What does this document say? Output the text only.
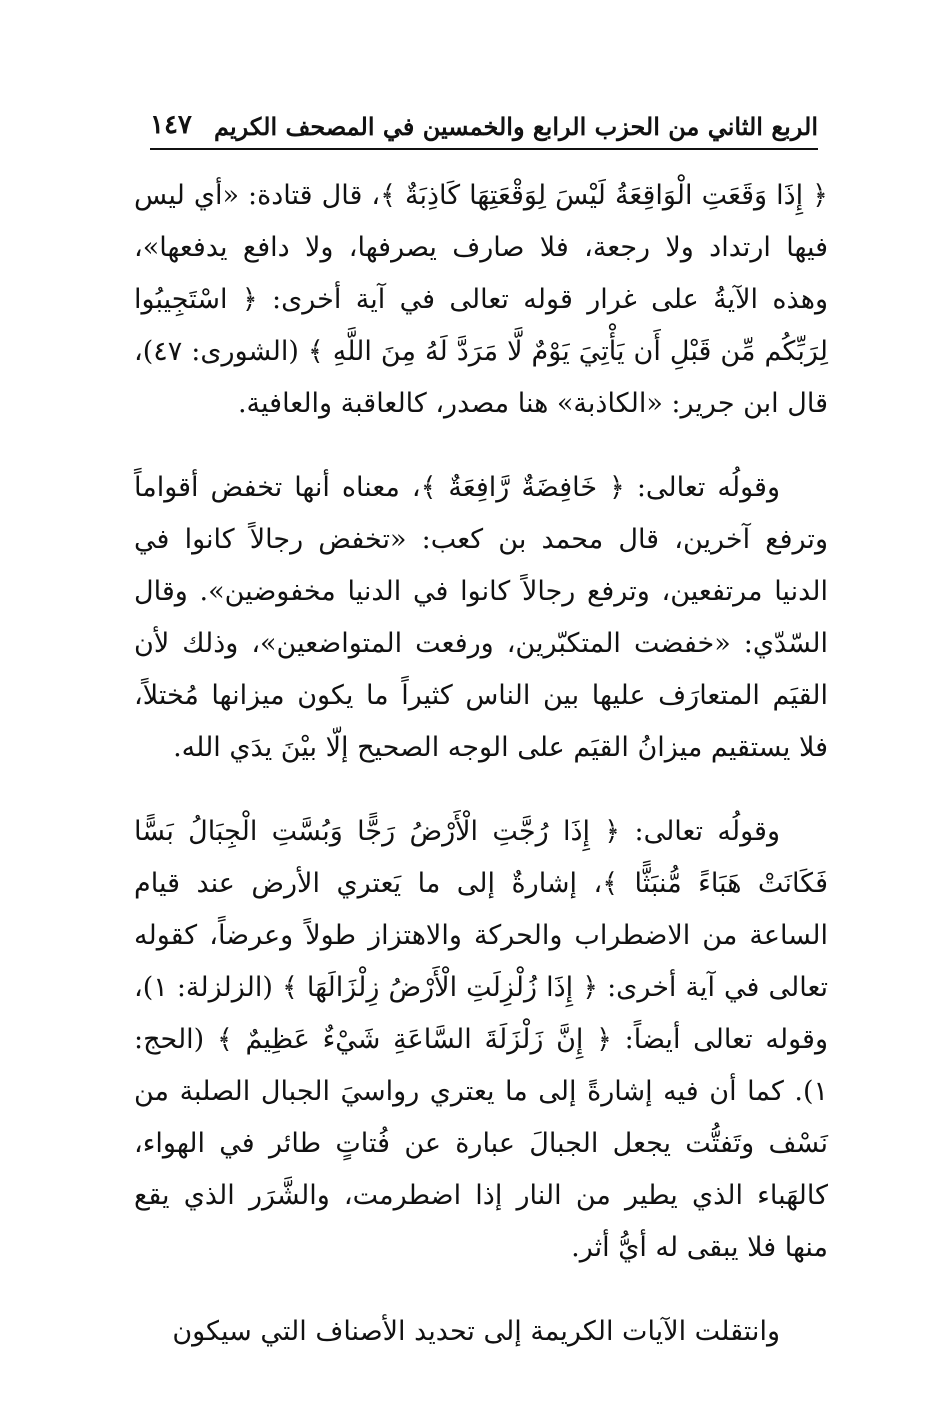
الربع الثاني من الحزب الرابع والخمسين في المصحف الكريم
١٤٧

﴿ إِذَا وَقَعَتِ الْوَاقِعَةُ لَيْسَ لِوَقْعَتِهَا كَاذِبَةٌ ﴾، قال قتادة: «أي ليس فيها ارتداد ولا رجعة، فلا صارف يصرفها، ولا دافع يدفعها»، وهذه الآيةُ على غرار قوله تعالى في آية أخرى: ﴿ اسْتَجِيبُوا لِرَبِّكُم مِّن قَبْلِ أَن يَأْتِيَ يَوْمٌ لَّا مَرَدَّ لَهُ مِنَ اللَّهِ ﴾ (الشورى: ٤٧)، قال ابن جرير: «الكاذبة» هنا مصدر، كالعاقبة والعافية.

وقولُه تعالى: ﴿ خَافِضَةٌ رَّافِعَةٌ ﴾، معناه أنها تخفض أقواماً وترفع آخرين، قال محمد بن كعب: «تخفض رجالاً كانوا في الدنيا مرتفعين، وترفع رجالاً كانوا في الدنيا مخفوضين». وقال السّدّي: «خفضت المتكبّرين، ورفعت المتواضعين»، وذلك لأن القيَم المتعارَف عليها بين الناس كثيراً ما يكون ميزانها مُختلاً، فلا يستقيم ميزانُ القيَم على الوجه الصحيح إلّا بيْنَ يدَي الله.

وقولُه تعالى: ﴿ إِذَا رُجَّتِ الْأَرْضُ رَجًّا وَبُسَّتِ الْجِبَالُ بَسًّا فَكَانَتْ هَبَاءً مُّنبَثًّا ﴾، إشارةٌ إلى ما يَعتري الأرض عند قيام الساعة من الاضطراب والحركة والاهتزاز طولاً وعرضاً، كقوله تعالى في آية أخرى: ﴿ إِذَا زُلْزِلَتِ الْأَرْضُ زِلْزَالَهَا ﴾ (الزلزلة: ١)، وقوله تعالى أيضاً: ﴿ إِنَّ زَلْزَلَةَ السَّاعَةِ شَيْءٌ عَظِيمٌ ﴾ (الحج: ١). كما أن فيه إشارةً إلى ما يعتري رواسيَ الجبال الصلبة من نَسْف وتَفتُّت يجعل الجبالَ عبارة عن فُتاتٍ طائر في الهواء، كالهَباء الذي يطير من النار إذا اضطرمت، والشَّرَر الذي يقع منها فلا يبقى له أيُّ أثر.

وانتقلت الآيات الكريمة إلى تحديد الأصناف التي سيكون
